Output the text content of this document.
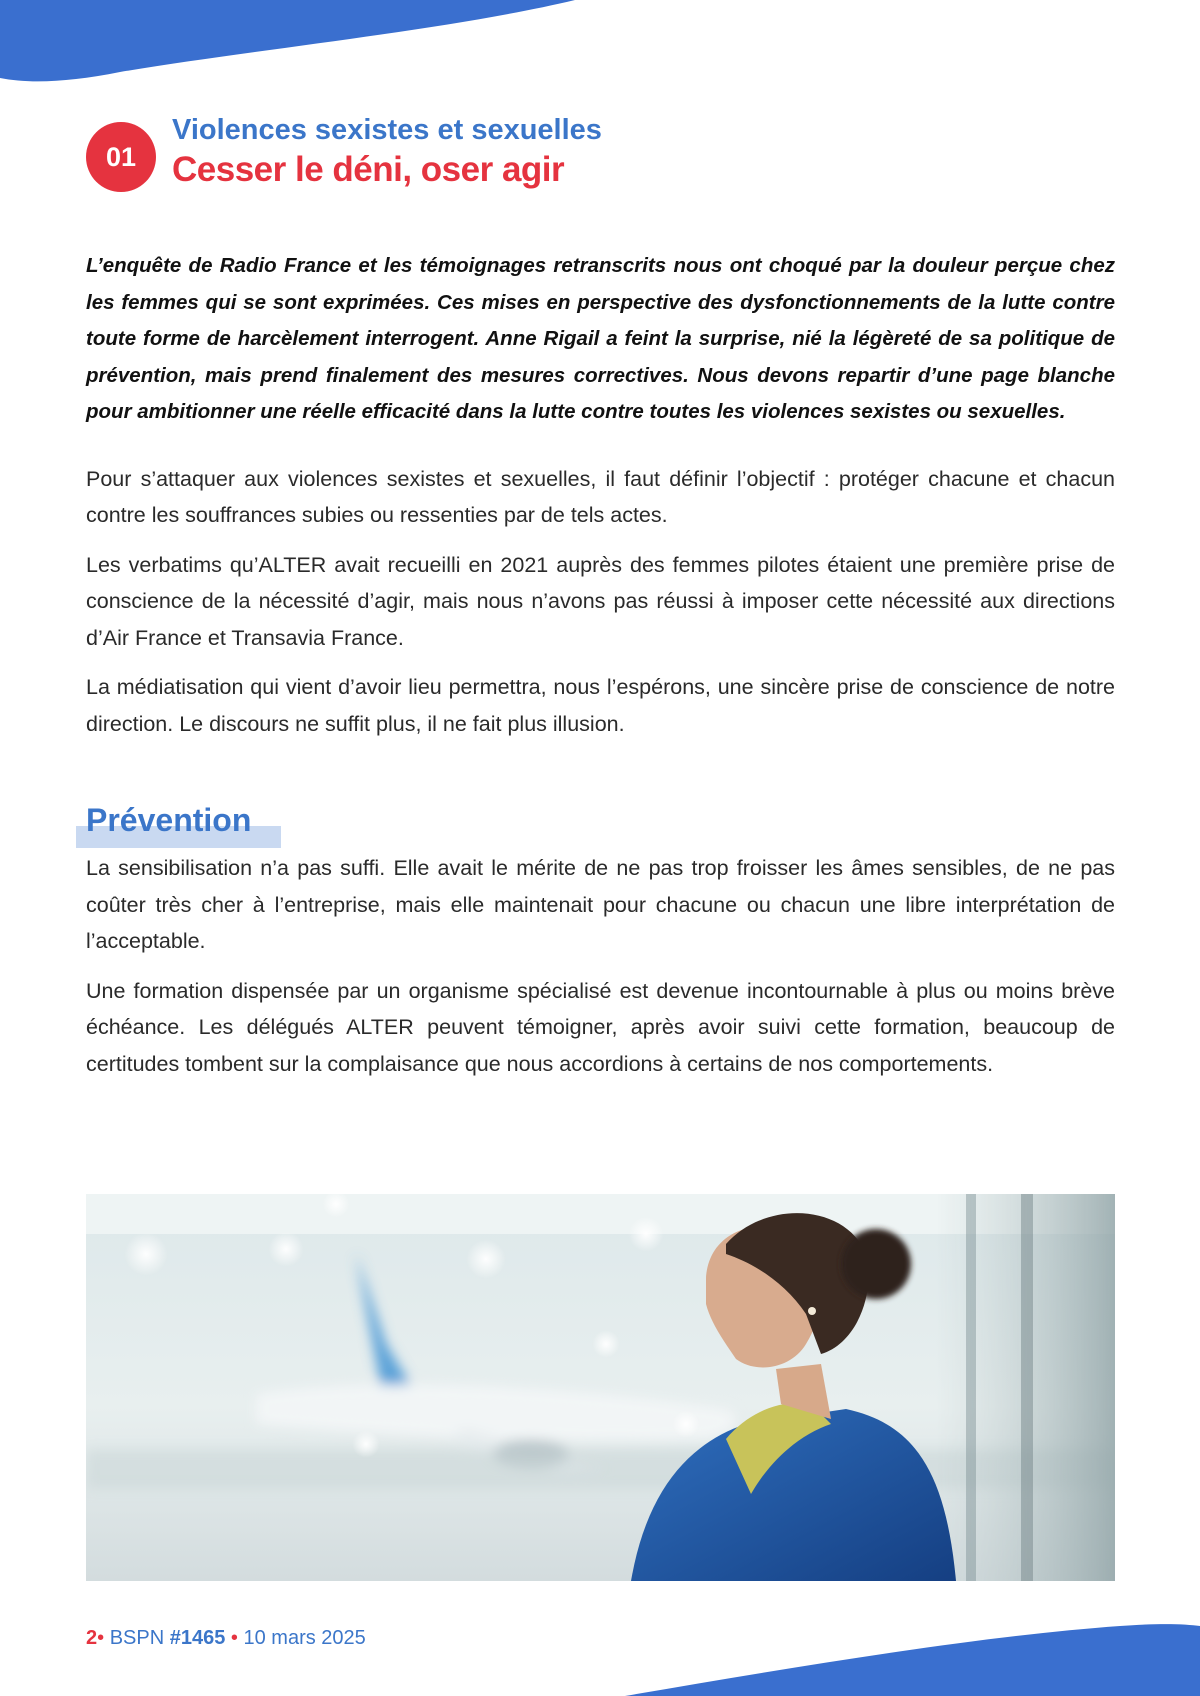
01
Violences sexistes et sexuelles
Cesser le déni, oser agir

L’enquête de Radio France et les témoignages retranscrits nous ont choqué par la douleur perçue chez les femmes qui se sont exprimées. Ces mises en perspective des dysfonctionnements de la lutte contre toute forme de harcèlement interrogent. Anne Rigail a feint la surprise, nié la légèreté de sa politique de prévention, mais prend finalement des mesures correctives. Nous devons repartir d’une page blanche pour ambitionner une réelle efficacité dans la lutte contre toutes les violences sexistes ou sexuelles.

Pour s’attaquer aux violences sexistes et sexuelles, il faut définir l’objectif : protéger chacune et chacun contre les souffrances subies ou ressenties par de tels actes.

Les verbatims qu’ALTER avait recueilli en 2021 auprès des femmes pilotes étaient une première prise de conscience de la nécessité d’agir, mais nous n’avons pas réussi à imposer cette nécessité aux directions d’Air France et Transavia France.

La médiatisation qui vient d’avoir lieu permettra, nous l’espérons, une sincère prise de conscience de notre direction. Le discours ne suffit plus, il ne fait plus illusion.

Prévention

La sensibilisation n’a pas suffi. Elle avait le mérite de ne pas trop froisser les âmes sensibles, de ne pas coûter très cher à l’entreprise, mais elle maintenait pour chacune ou chacun une libre interprétation de l’acceptable.

Une formation dispensée par un organisme spécialisé est devenue incontournable à plus ou moins brève échéance. Les délégués ALTER peuvent témoigner, après avoir suivi cette formation, beaucoup de certitudes tombent sur la complaisance que nous accordions à certains de nos comportements.

2• BSPN #1465 • 10 mars 2025
